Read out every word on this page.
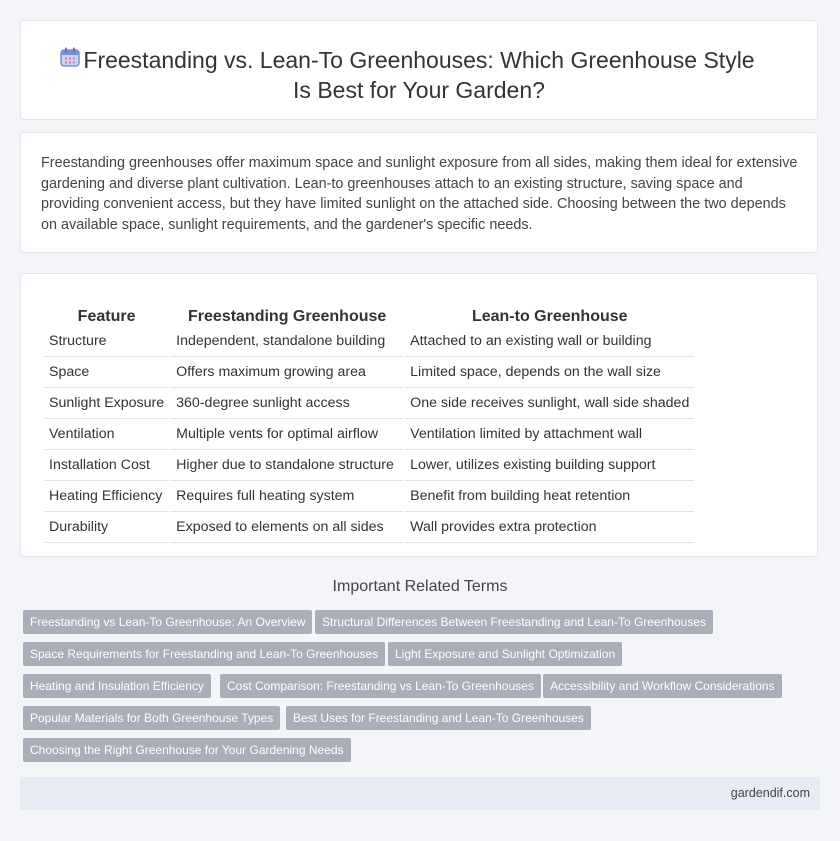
Freestanding vs. Lean-To Greenhouses: Which Greenhouse Style
Is Best for Your Garden?

Freestanding greenhouses offer maximum space and sunlight exposure from all sides, making them ideal for extensive gardening and diverse plant cultivation. Lean-to greenhouses attach to an existing structure, saving space and providing convenient access, but they have limited sunlight on the attached side. Choosing between the two depends on available space, sunlight requirements, and the gardener's specific needs.

Feature	Freestanding Greenhouse	Lean-to Greenhouse
Structure	Independent, standalone building	Attached to an existing wall or building
Space	Offers maximum growing area	Limited space, depends on the wall size
Sunlight Exposure	360-degree sunlight access	One side receives sunlight, wall side shaded
Ventilation	Multiple vents for optimal airflow	Ventilation limited by attachment wall
Installation Cost	Higher due to standalone structure	Lower, utilizes existing building support
Heating Efficiency	Requires full heating system	Benefit from building heat retention
Durability	Exposed to elements on all sides	Wall provides extra protection
Important Related Terms
Freestanding vs Lean-To Greenhouse: An Overview	Structural Differences Between Freestanding and Lean-To Greenhouses
Space Requirements for Freestanding and Lean-To Greenhouses	Light Exposure and Sunlight Optimization
Heating and Insulation Efficiency	Cost Comparison: Freestanding vs Lean-To Greenhouses	Accessibility and Workflow Considerations
Popular Materials for Both Greenhouse Types	Best Uses for Freestanding and Lean-To Greenhouses
Choosing the Right Greenhouse for Your Gardening Needs
gardendif.com
